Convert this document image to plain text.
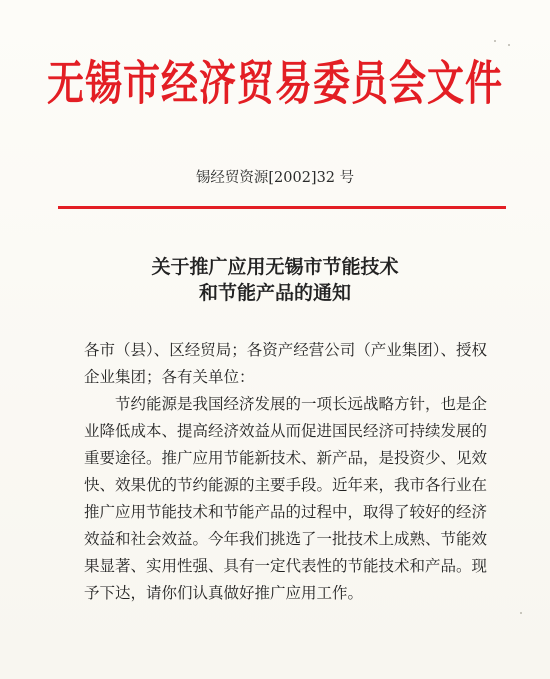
无锡市经济贸易委员会文件
锡经贸资源[2002]32 号
关于推广应用无锡市节能技术
和节能产品的通知
各市（县）、区经贸局；各资产经营公司（产业集团）、授权
企业集团；各有关单位：
节约能源是我国经济发展的一项长远战略方针，也是企
业降低成本、提高经济效益从而促进国民经济可持续发展的
重要途径。推广应用节能新技术、新产品，是投资少、见效
快、效果优的节约能源的主要手段。近年来，我市各行业在
推广应用节能技术和节能产品的过程中，取得了较好的经济
效益和社会效益。今年我们挑选了一批技术上成熟、节能效
果显著、实用性强、具有一定代表性的节能技术和产品。现
予下达，请你们认真做好推广应用工作。
